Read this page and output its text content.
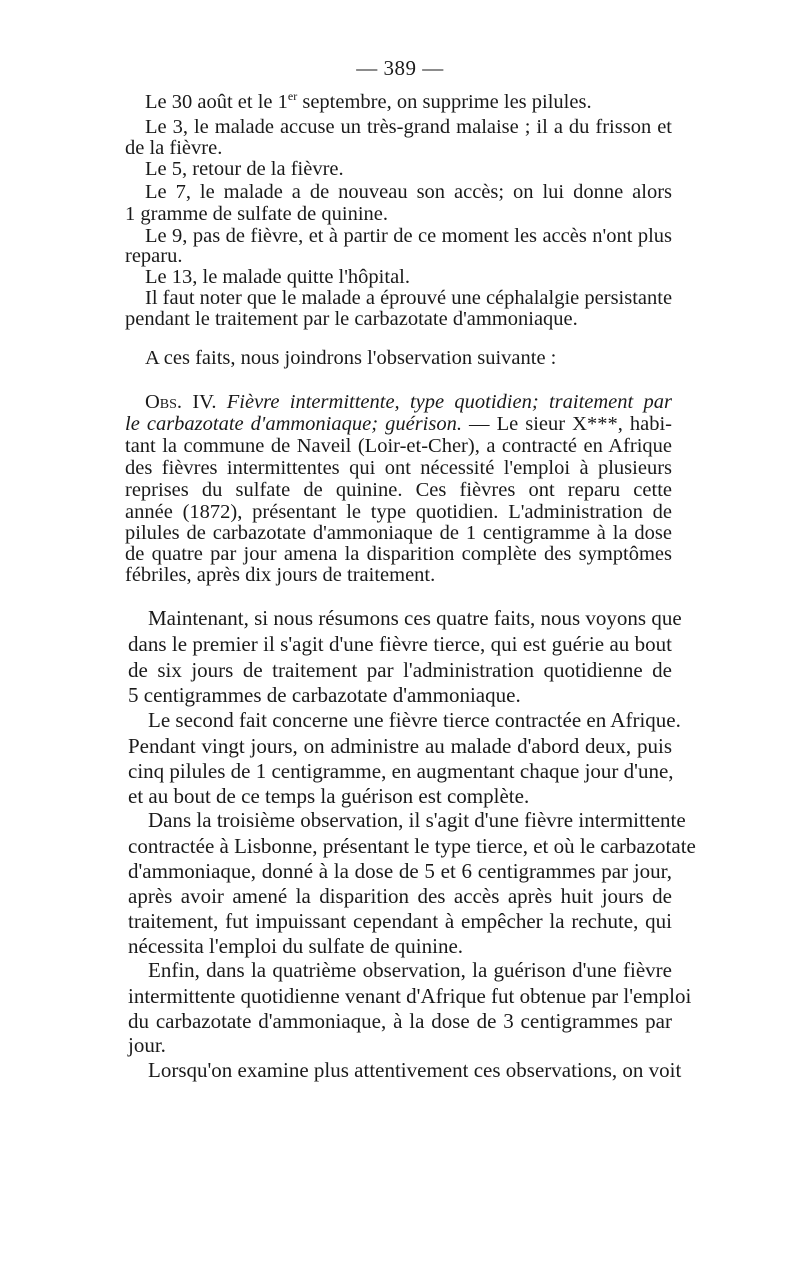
— 389 —
Le 30 août et le 1er septembre, on supprime les pilules.
Le 3, le malade accuse un très-grand malaise ; il a du frisson et
de la fièvre.
Le 5, retour de la fièvre.
Le 7, le malade a de nouveau son accès; on lui donne alors
1 gramme de sulfate de quinine.
Le 9, pas de fièvre, et à partir de ce moment les accès n'ont plus
reparu.
Le 13, le malade quitte l'hôpital.
Il faut noter que le malade a éprouvé une céphalalgie persistante
pendant le traitement par le carbazotate d'ammoniaque.
A ces faits, nous joindrons l'observation suivante :
Obs. IV. Fièvre intermittente, type quotidien; traitement par
le carbazotate d'ammoniaque; guérison. — Le sieur X***, habi-
tant la commune de Naveil (Loir-et-Cher), a contracté en Afrique
des fièvres intermittentes qui ont nécessité l'emploi à plusieurs
reprises du sulfate de quinine. Ces fièvres ont reparu cette
année (1872), présentant le type quotidien. L'administration de
pilules de carbazotate d'ammoniaque de 1 centigramme à la dose
de quatre par jour amena la disparition complète des symptômes
fébriles, après dix jours de traitement.
Maintenant, si nous résumons ces quatre faits, nous voyons que
dans le premier il s'agit d'une fièvre tierce, qui est guérie au bout
de six jours de traitement par l'administration quotidienne de
5 centigrammes de carbazotate d'ammoniaque.
Le second fait concerne une fièvre tierce contractée en Afrique.
Pendant vingt jours, on administre au malade d'abord deux, puis
cinq pilules de 1 centigramme, en augmentant chaque jour d'une,
et au bout de ce temps la guérison est complète.
Dans la troisième observation, il s'agit d'une fièvre intermittente
contractée à Lisbonne, présentant le type tierce, et où le carbazotate
d'ammoniaque, donné à la dose de 5 et 6 centigrammes par jour,
après avoir amené la disparition des accès après huit jours de
traitement, fut impuissant cependant à empêcher la rechute, qui
nécessita l'emploi du sulfate de quinine.
Enfin, dans la quatrième observation, la guérison d'une fièvre
intermittente quotidienne venant d'Afrique fut obtenue par l'emploi
du carbazotate d'ammoniaque, à la dose de 3 centigrammes par
jour.
Lorsqu'on examine plus attentivement ces observations, on voit
